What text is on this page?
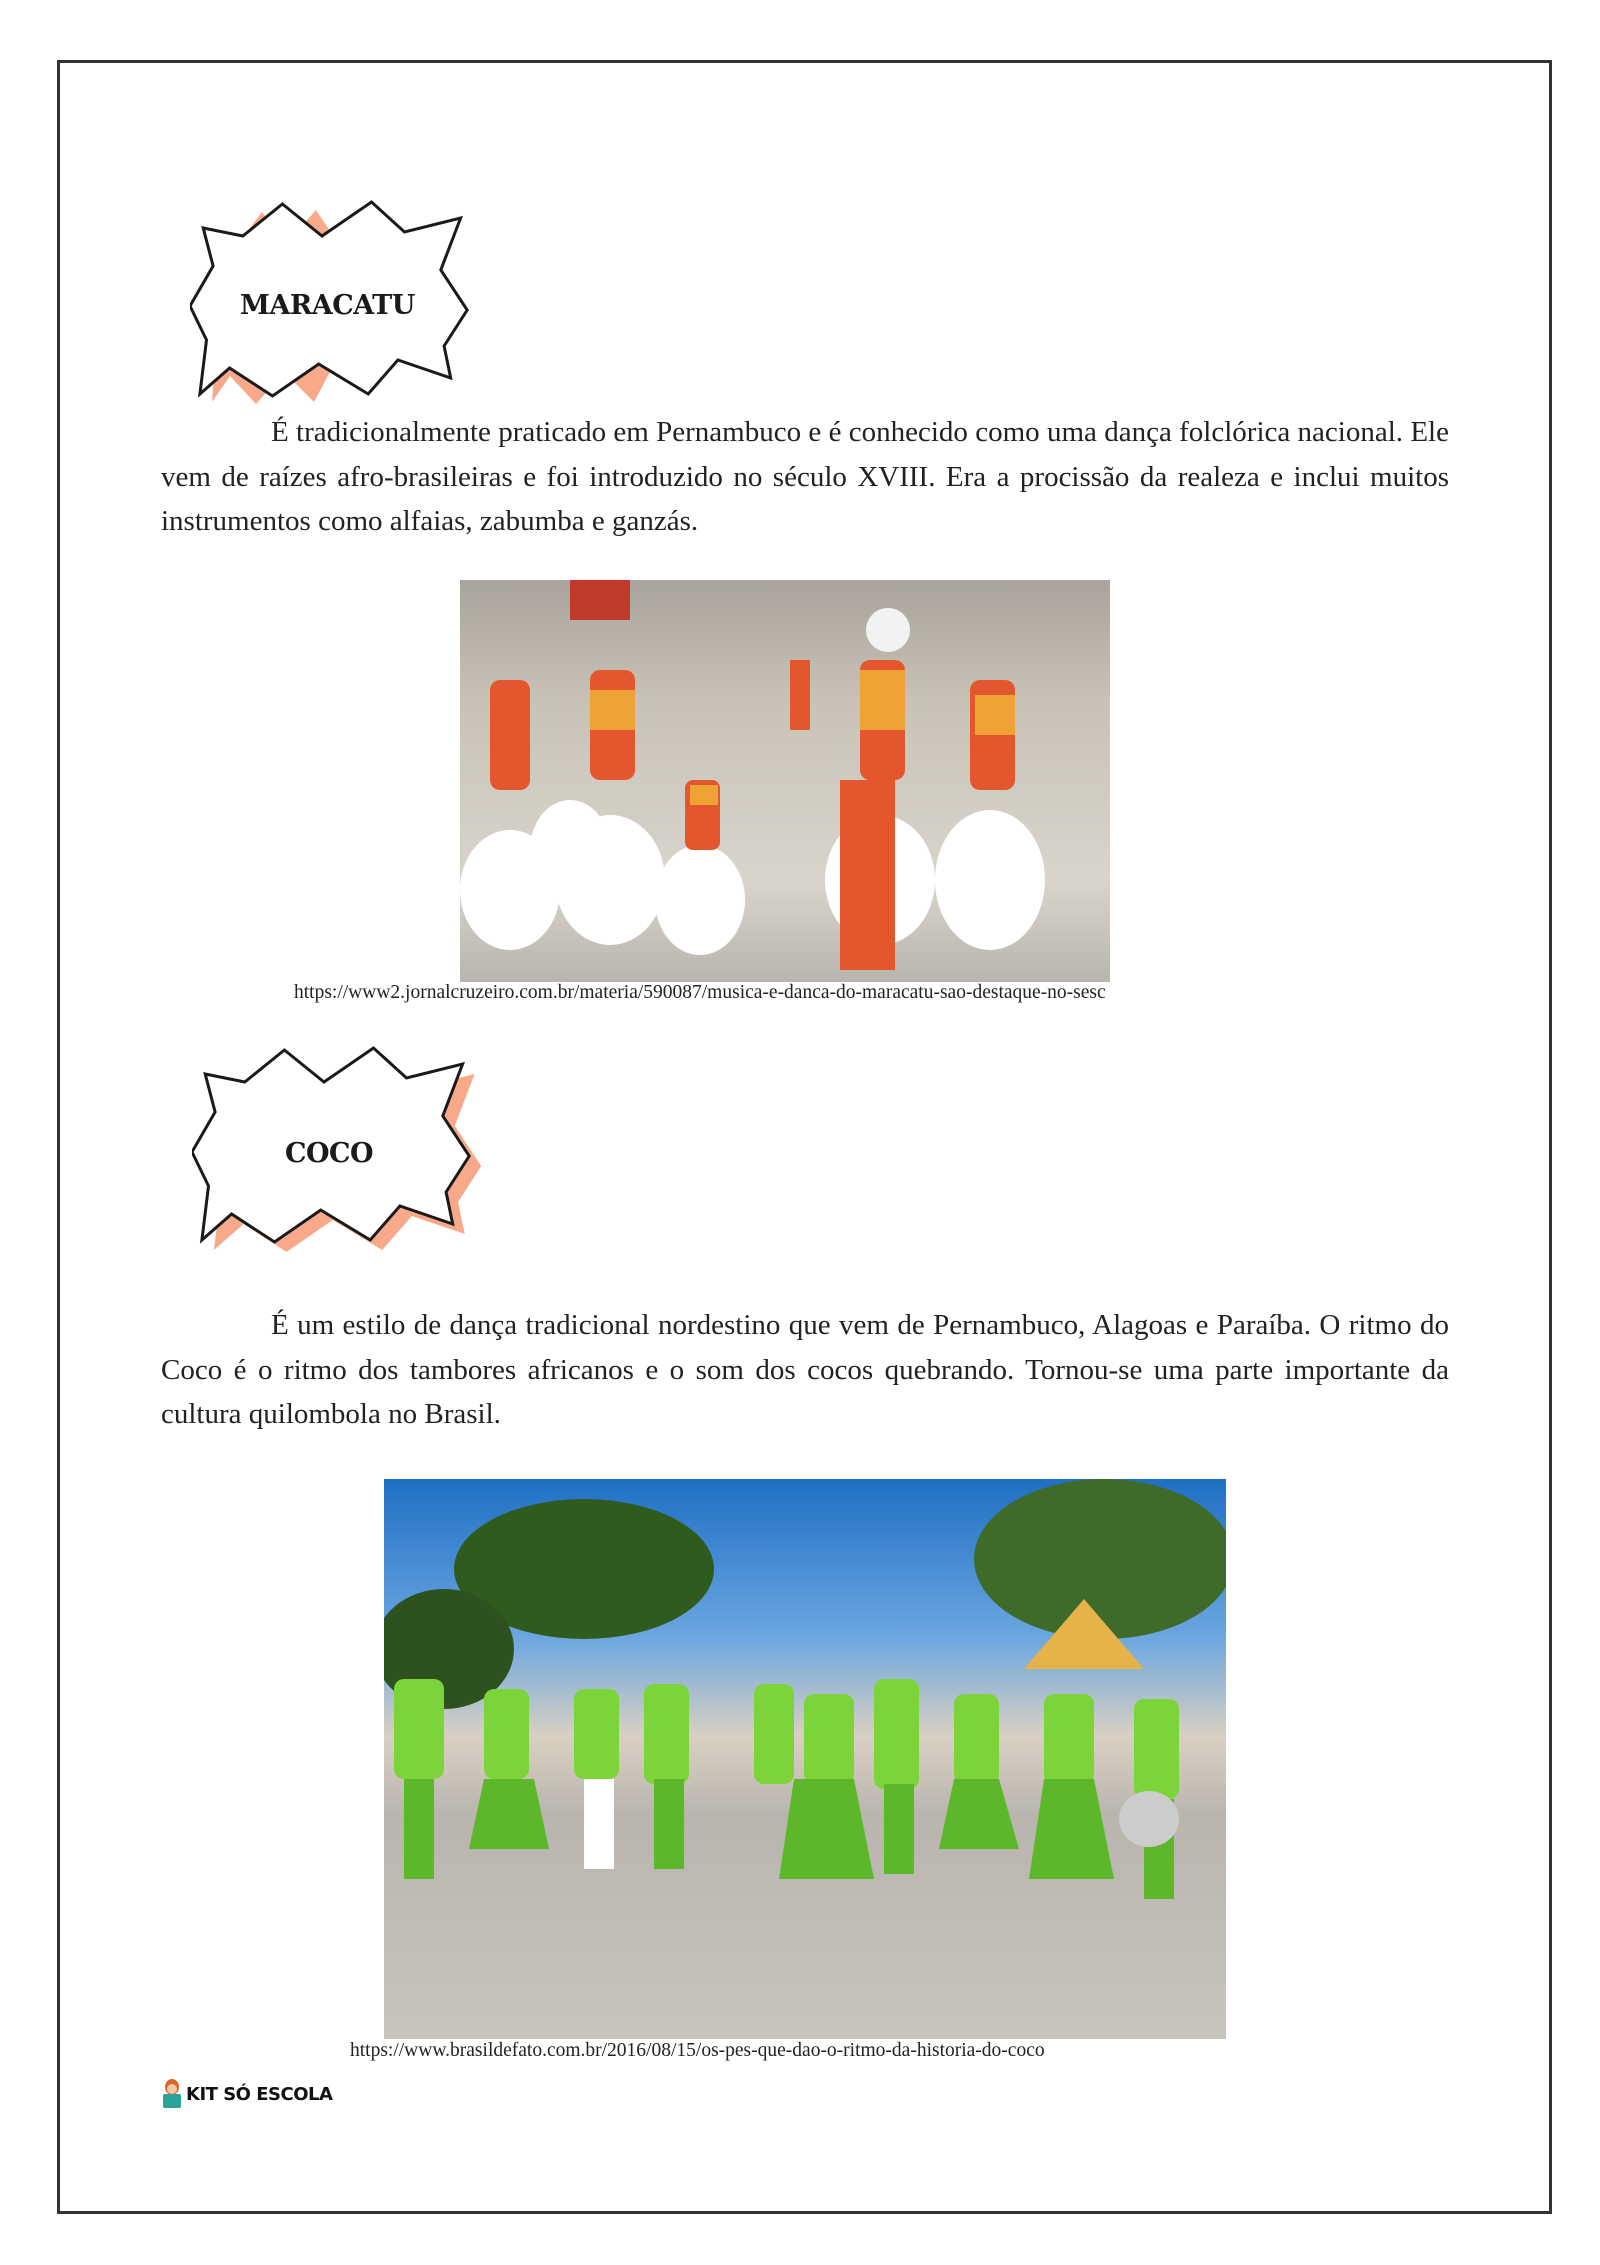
MARACATU

É tradicionalmente praticado em Pernambuco e é conhecido como uma dança folclórica nacional. Ele vem de raízes afro-brasileiras e foi introduzido no século XVIII. Era a procissão da realeza e inclui muitos instrumentos como alfaias, zabumba e ganzás.

https://www2.jornalcruzeiro.com.br/materia/590087/musica-e-danca-do-maracatu-sao-destaque-no-sesc
COCO

É um estilo de dança tradicional nordestino que vem de Pernambuco, Alagoas e Paraíba. O ritmo do Coco é o ritmo dos tambores africanos e o som dos cocos quebrando. Tornou-se uma parte importante da cultura quilombola no Brasil.

https://www.brasildefato.com.br/2016/08/15/os-pes-que-dao-o-ritmo-da-historia-do-coco
KIT SÓ ESCOLA
